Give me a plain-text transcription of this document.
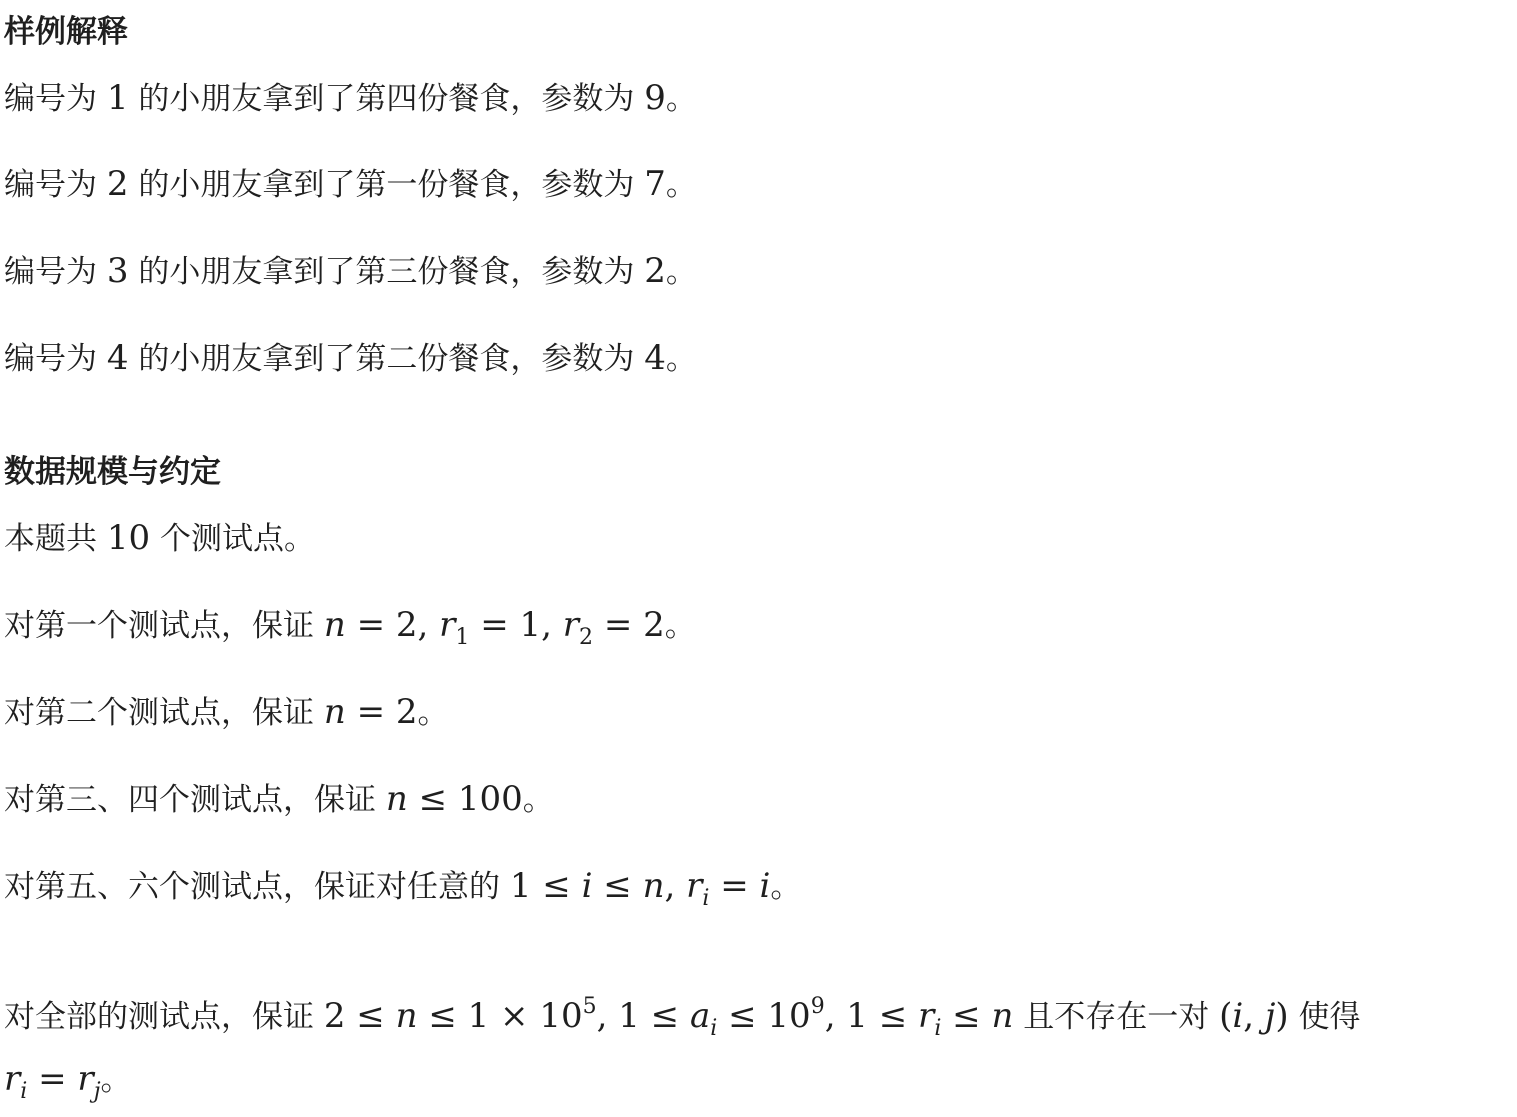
样例解释
编号为 1 的小朋友拿到了第四份餐食，参数为 9。
编号为 2 的小朋友拿到了第一份餐食，参数为 7。
编号为 3 的小朋友拿到了第三份餐食，参数为 2。
编号为 4 的小朋友拿到了第二份餐食，参数为 4。
数据规模与约定
本题共 10 个测试点。
对第一个测试点，保证 n = 2, $r_1 = 1$, $r_2 = 2$。
对第二个测试点，保证 n = 2。
对第三、四个测试点，保证 n ≤ 100。
对第五、六个测试点，保证对任意的 1 ≤ i ≤ n, $r_i = i$。
对全部的测试点，保证 $2 \le n \le 1 \times 10^5$, $1 \le a_i \le 10^9$, $1 \le r_i \le n$ 且不存在一对 (i, j) 使得
$r_i = r_j$。
